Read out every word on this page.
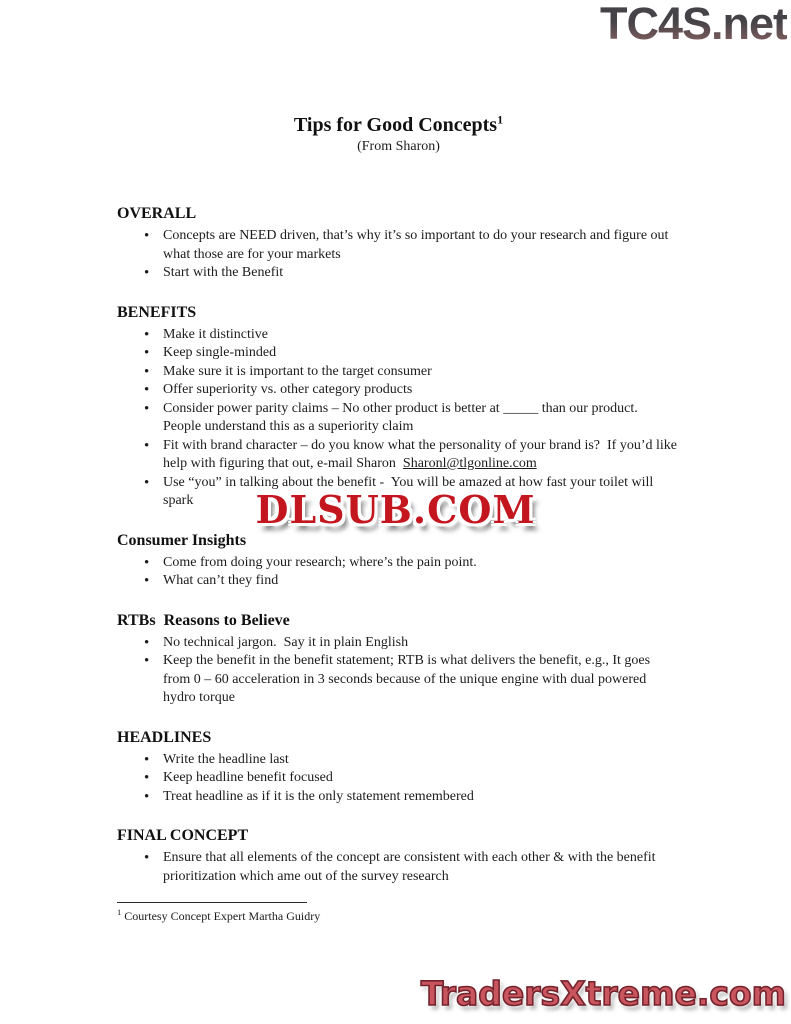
TC4S.net
Tips for Good Concepts$^1$
(From Sharon)
OVERALL
• Concepts are NEED driven, that’s why it’s so important to do your research and figure out what those are for your markets
• Start with the Benefit
BENEFITS
• Make it distinctive
• Keep single-minded
• Make sure it is important to the target consumer
• Offer superiority vs. other category products
• Consider power parity claims – No other product is better at _____ than our product.  People understand this as a superiority claim
• Fit with brand character – do you know what the personality of your brand is?  If you’d like help with figuring that out, e-mail Sharon  Sharonl@tlgonline.com
• Use “you” in talking about the benefit -  You will be amazed at how fast your toilet will spark
Consumer Insights
• Come from doing your research; where’s the pain point.
• What can’t they find
RTBs  Reasons to Believe
• No technical jargon.  Say it in plain English
• Keep the benefit in the benefit statement; RTB is what delivers the benefit, e.g., It goes from 0 – 60 acceleration in 3 seconds because of the unique engine with dual powered hydro torque
HEADLINES
• Write the headline last
• Keep headline benefit focused
• Treat headline as if it is the only statement remembered
FINAL CONCEPT
• Ensure that all elements of the concept are consistent with each other & with the benefit prioritization which ame out of the survey research
$^1$ Courtesy Concept Expert Martha Guidry
DLSUB.COM
TradersXtreme.com
